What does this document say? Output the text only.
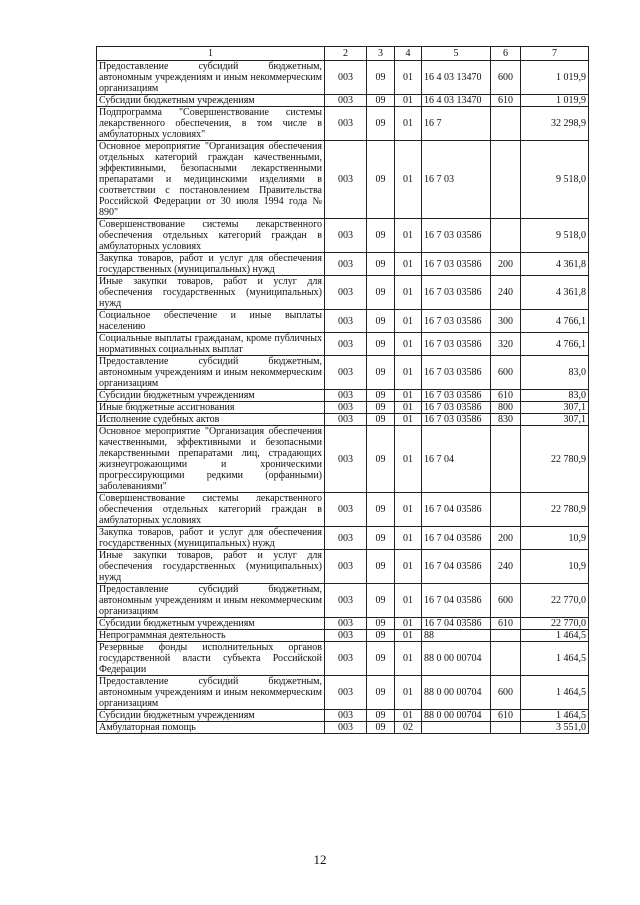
1	2	3	4	5	6	7
Предоставление субсидий бюджетным, автономным учреждениям и иным некоммерческим организациям	003	09	01	16 4 03 13470	600	1 019,9
Субсидии бюджетным учреждениям	003	09	01	16 4 03 13470	610	1 019,9
Подпрограмма "Совершенствование системы лекарственного обеспечения, в том числе в амбулаторных условиях"	003	09	01	16 7		32 298,9
Основное мероприятие "Организация обеспечения отдельных категорий граждан качественными, эффективными, безопасными лекарственными препаратами и медицинскими изделиями в соответствии с постановлением Правительства Российской Федерации от 30 июля 1994 года № 890"	003	09	01	16 7 03		9 518,0
Совершенствование системы лекарственного обеспечения отдельных категорий граждан в амбулаторных условиях	003	09	01	16 7 03 03586		9 518,0
Закупка товаров, работ и услуг для обеспечения государственных (муниципальных) нужд	003	09	01	16 7 03 03586	200	4 361,8
Иные закупки товаров, работ и услуг для обеспечения государственных (муниципальных) нужд	003	09	01	16 7 03 03586	240	4 361,8
Социальное обеспечение и иные выплаты населению	003	09	01	16 7 03 03586	300	4 766,1
Социальные выплаты гражданам, кроме публичных нормативных социальных выплат	003	09	01	16 7 03 03586	320	4 766,1
Предоставление субсидий бюджетным, автономным учреждениям и иным некоммерческим организациям	003	09	01	16 7 03 03586	600	83,0
Субсидии бюджетным учреждениям	003	09	01	16 7 03 03586	610	83,0
Иные бюджетные ассигнования	003	09	01	16 7 03 03586	800	307,1
Исполнение судебных актов	003	09	01	16 7 03 03586	830	307,1
Основное мероприятие "Организация обеспечения качественными, эффективными и безопасными лекарственными препаратами лиц, страдающих жизнеугрожающими и хроническими прогрессирующими редкими (орфанными) заболеваниями"	003	09	01	16 7 04		22 780,9
Совершенствование системы лекарственного обеспечения отдельных категорий граждан в амбулаторных условиях	003	09	01	16 7 04 03586		22 780,9
Закупка товаров, работ и услуг для обеспечения государственных (муниципальных) нужд	003	09	01	16 7 04 03586	200	10,9
Иные закупки товаров, работ и услуг для обеспечения государственных (муниципальных) нужд	003	09	01	16 7 04 03586	240	10,9
Предоставление субсидий бюджетным, автономным учреждениям и иным некоммерческим организациям	003	09	01	16 7 04 03586	600	22 770,0
Субсидии бюджетным учреждениям	003	09	01	16 7 04 03586	610	22 770,0
Непрограммная деятельность	003	09	01	88		1 464,5
Резервные фонды исполнительных органов государственной власти субъекта Российской Федерации	003	09	01	88 0 00 00704		1 464,5
Предоставление субсидий бюджетным, автономным учреждениям и иным некоммерческим организациям	003	09	01	88 0 00 00704	600	1 464,5
Субсидии бюджетным учреждениям	003	09	01	88 0 00 00704	610	1 464,5
Амбулаторная помощь	003	09	02			3 551,0
12
